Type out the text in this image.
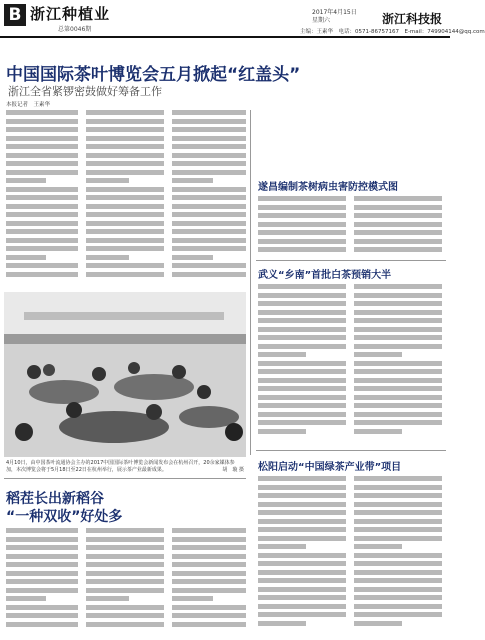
B 浙江种植业
总第0046期
2017年4月15日
星期六	浙江科技报
主编：王素华　电话：0571-86757167　E-mail：749904144@qq.com
中国国际茶叶博览会五月掀起“红盖头”
浙江全省紧锣密鼓做好筹备工作
本报记者　王素华
遂昌编制茶树病虫害防控模式图
武义“乡南”首批白茶预销大半
4月10日，由中国茶叶流通协会主办的2017中国国际茶叶博览会新闻发布会在杭州召开，20余家媒体参加，本次博览会将于5月18日至22日在杭州举行，展示茶产业最新成果。	胡　璇 摄
稻茬长出新稻谷
“一种双收”好处多
松阳启动“中国绿茶产业带”项目
